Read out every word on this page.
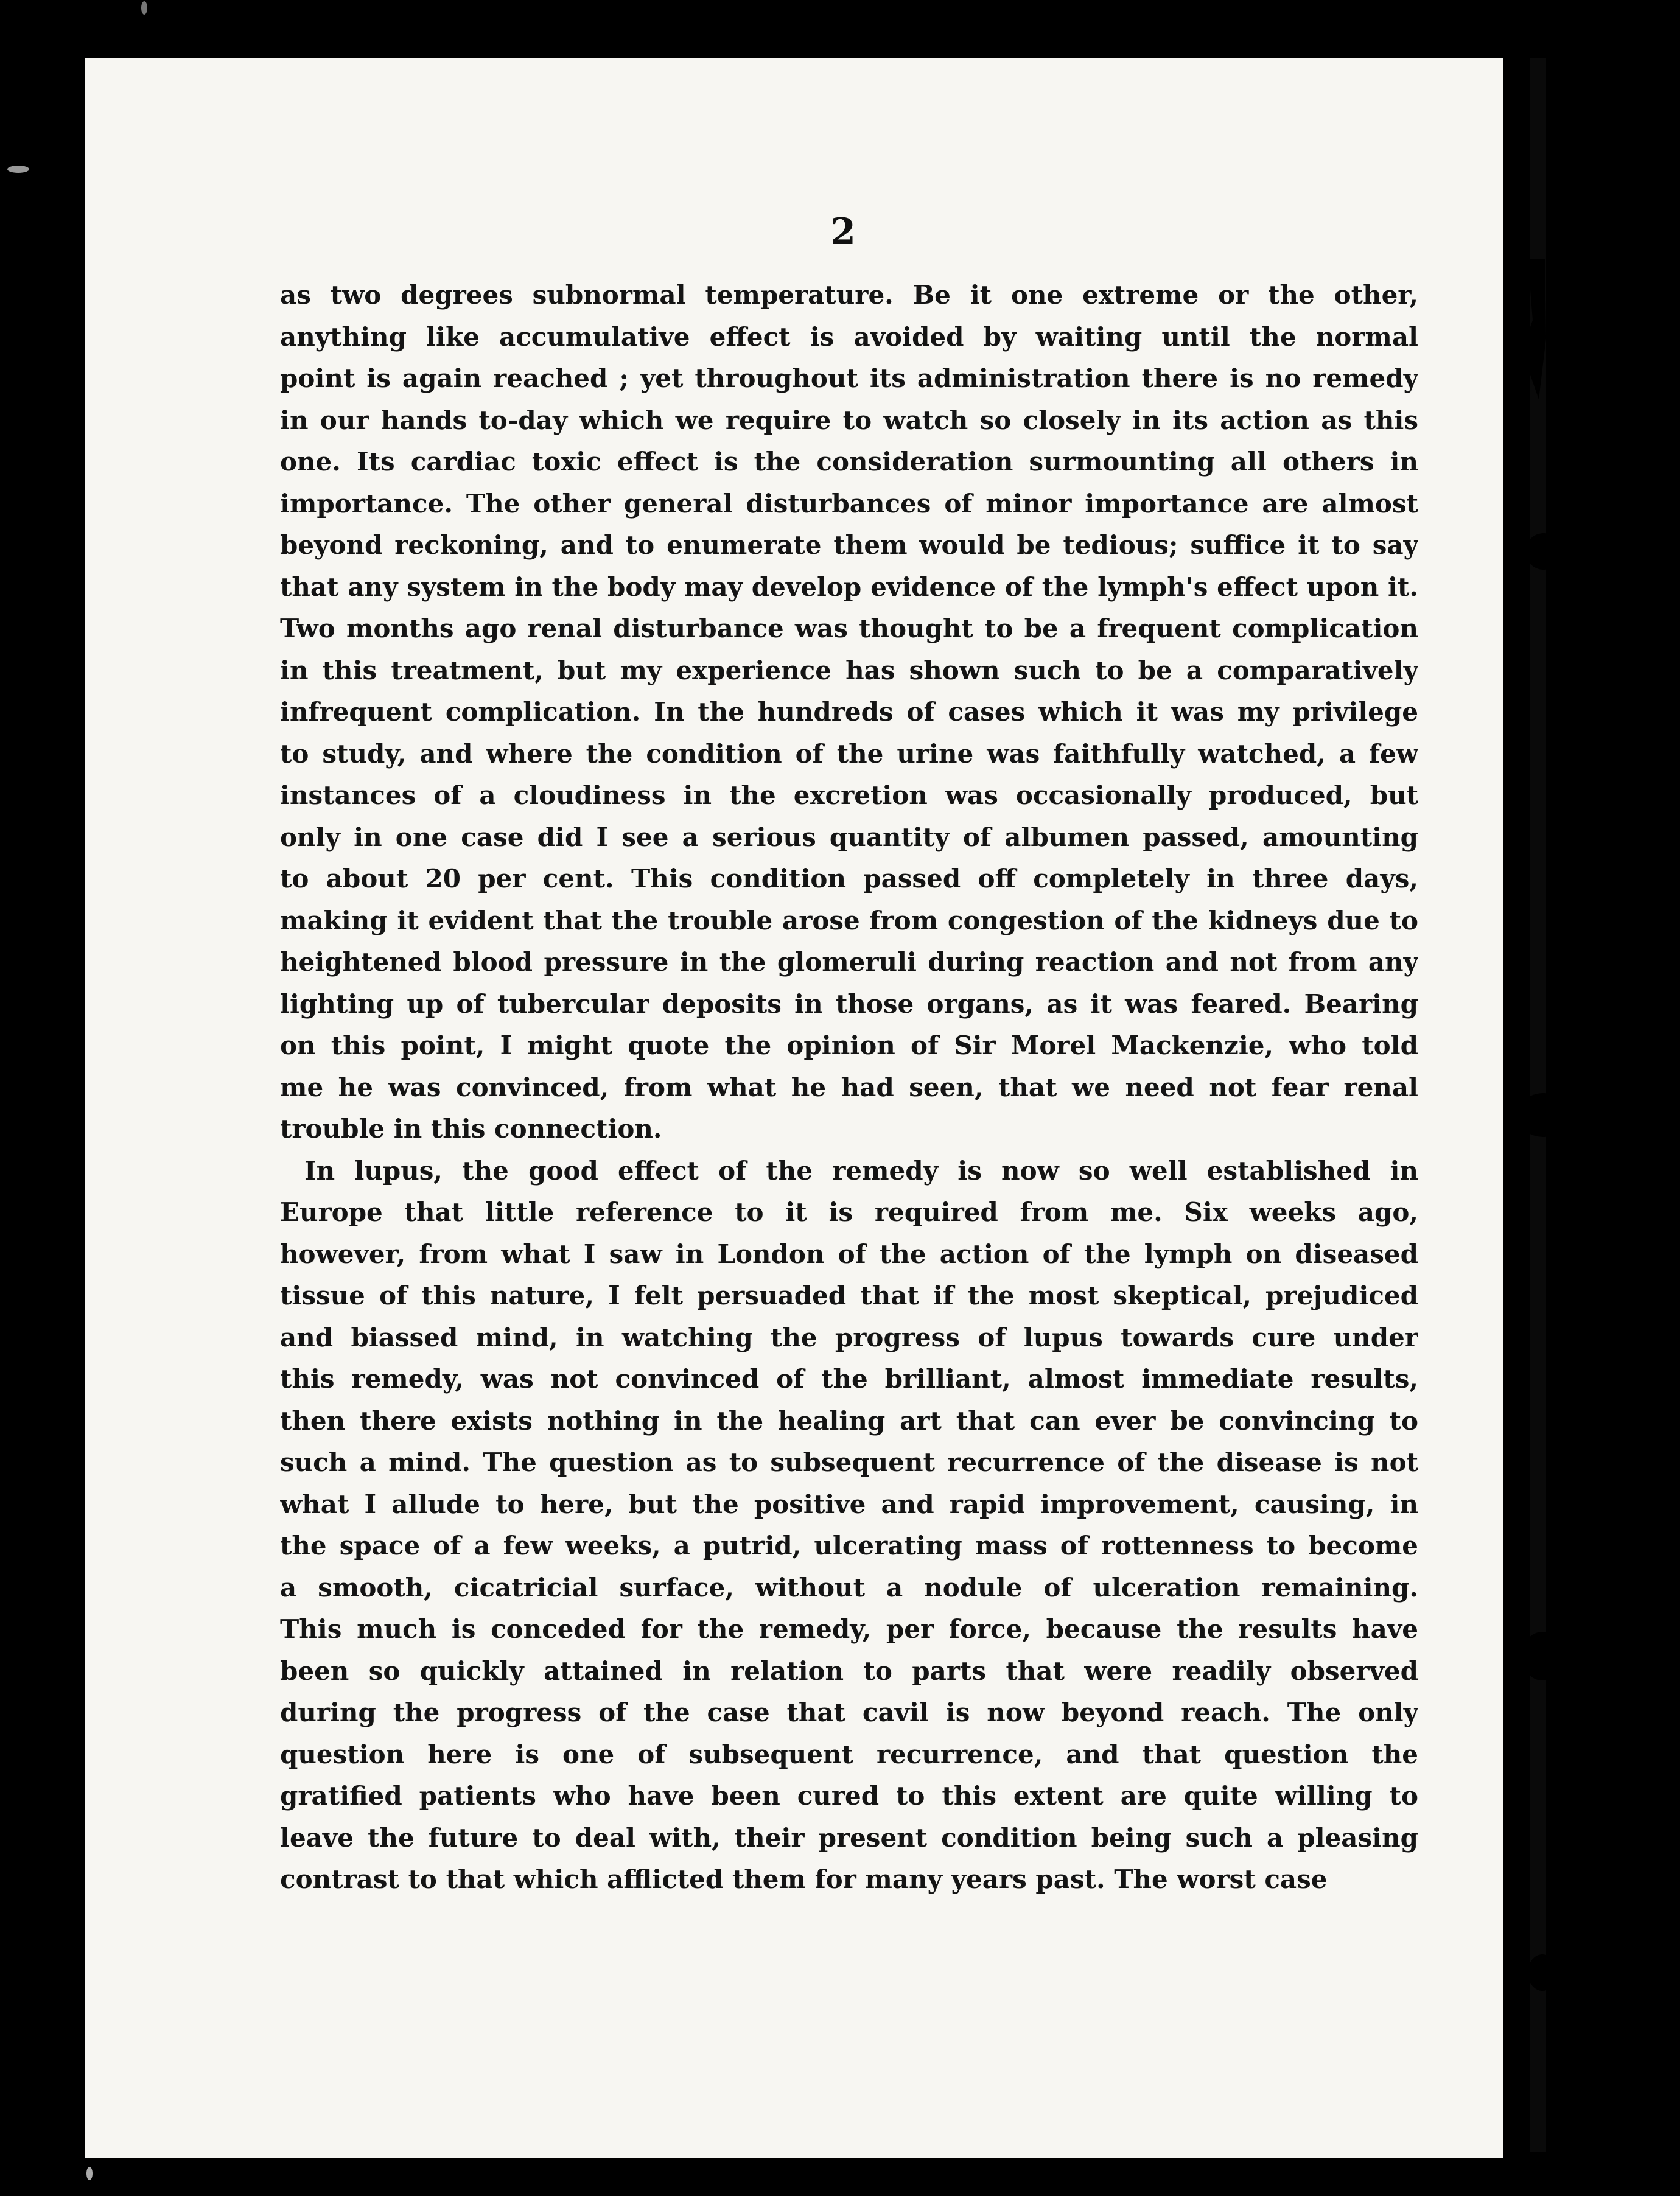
2
as two degrees subnormal temperature. Be it one extreme or the other,
anything like accumulative effect is avoided by waiting until the normal
point is again reached ; yet throughout its administration there is no remedy
in our hands to-day which we require to watch so closely in its action as this
one. Its cardiac toxic effect is the consideration surmounting all others in
importance. The other general disturbances of minor importance are almost
beyond reckoning, and to enumerate them would be tedious; suffice it to say
that any system in the body may develop evidence of the lymph's effect upon it.
Two months ago renal disturbance was thought to be a frequent complication
in this treatment, but my experience has shown such to be a comparatively
infrequent complication. In the hundreds of cases which it was my privilege
to study, and where the condition of the urine was faithfully watched, a few
instances of a cloudiness in the excretion was occasionally produced, but
only in one case did I see a serious quantity of albumen passed, amounting
to about 20 per cent. This condition passed off completely in three days,
making it evident that the trouble arose from congestion of the kidneys due to
heightened blood pressure in the glomeruli during reaction and not from any
lighting up of tubercular deposits in those organs, as it was feared. Bearing
on this point, I might quote the opinion of Sir Morel Mackenzie, who told
me he was convinced, from what he had seen, that we need not fear renal
trouble in this connection.
In lupus, the good effect of the remedy is now so well established in
Europe that little reference to it is required from me. Six weeks ago,
however, from what I saw in London of the action of the lymph on diseased
tissue of this nature, I felt persuaded that if the most skeptical, prejudiced
and biassed mind, in watching the progress of lupus towards cure under
this remedy, was not convinced of the brilliant, almost immediate results,
then there exists nothing in the healing art that can ever be convincing to
such a mind. The question as to subsequent recurrence of the disease is not
what I allude to here, but the positive and rapid improvement, causing, in
the space of a few weeks, a putrid, ulcerating mass of rottenness to become
a smooth, cicatricial surface, without a nodule of ulceration remaining.
This much is conceded for the remedy, per force, because the results have
been so quickly attained in relation to parts that were readily observed
during the progress of the case that cavil is now beyond reach. The only
question here is one of subsequent recurrence, and that question the
gratified patients who have been cured to this extent are quite willing to
leave the future to deal with, their present condition being such a pleasing
contrast to that which afflicted them for many years past. The worst case
